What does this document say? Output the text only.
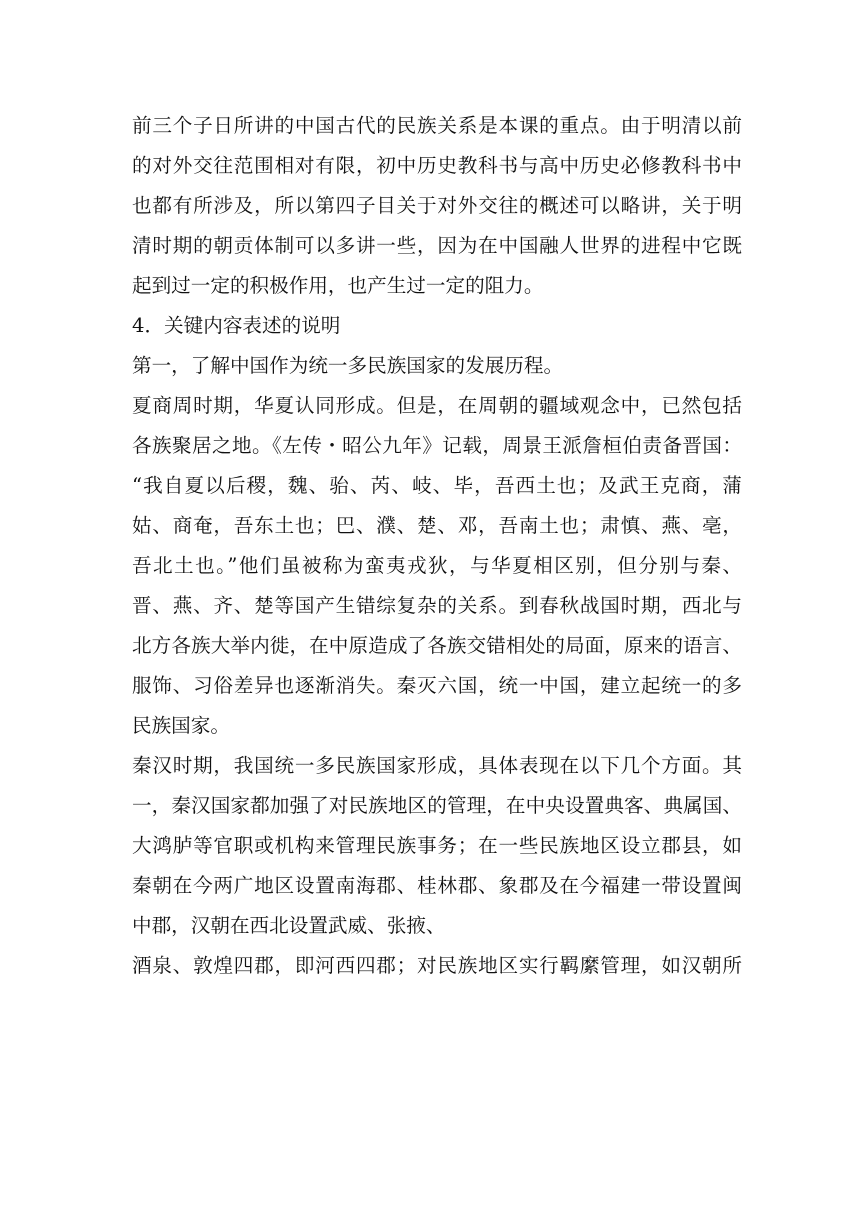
前三个子日所讲的中国古代的民族关系是本课的重点。由于明清以前
的对外交往范围相对有限，初中历史教科书与高中历史必修教科书中
也都有所涉及，所以第四子目关于对外交往的概述可以略讲，关于明
清时期的朝贡体制可以多讲一些，因为在中国融人世界的进程中它既
起到过一定的积极作用，也产生过一定的阻力。
4．关键内容表述的说明
第一，了解中国作为统一多民族国家的发展历程。
夏商周时期，华夏认同形成。但是，在周朝的疆域观念中，已然包括
各族聚居之地。《左传・昭公九年》记载，周景王派詹桓伯责备晋国：
“我自夏以后稷，魏、骀、芮、岐、毕，吾西土也；及武王克商，蒲
姑、商奄，吾东土也；巴、濮、楚、邓，吾南土也；肃慎、燕、亳，
吾北土也。”他们虽被称为蛮夷戎狄，与华夏相区别，但分别与秦、
晋、燕、齐、楚等国产生错综复杂的关系。到春秋战国时期，西北与
北方各族大举内徙，在中原造成了各族交错相处的局面，原来的语言、
服饰、习俗差异也逐渐消失。秦灭六国，统一中国，建立起统一的多
民族国家。
秦汉时期，我国统一多民族国家形成，具体表现在以下几个方面。其
一，秦汉国家都加强了对民族地区的管理，在中央设置典客、典属国、
大鸿胪等官职或机构来管理民族事务；在一些民族地区设立郡县，如
秦朝在今两广地区设置南海郡、桂林郡、象郡及在今福建一带设置闽
中郡，汉朝在西北设置武威、张掖、
酒泉、敦煌四郡，即河西四郡；对民族地区实行羁縻管理，如汉朝所
